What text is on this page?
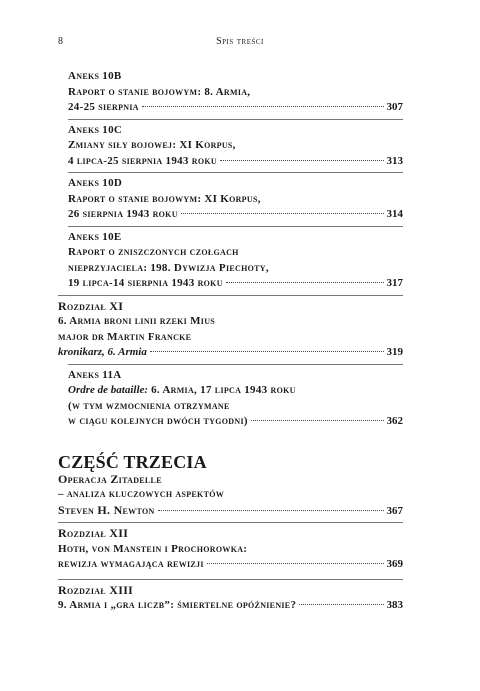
8	Spis treści
Aneks 10B
Raport o stanie bojowym: 8. Armia,
24-25 sierpnia	307
Aneks 10C
Zmiany siły bojowej: XI Korpus,
4 lipca-25 sierpnia 1943 roku	313
Aneks 10D
Raport o stanie bojowym: XI Korpus,
26 sierpnia 1943 roku	314
Aneks 10E
Raport o zniszczonych czołgach
nieprzyjaciela: 198. Dywizja Piechoty,
19 lipca-14 sierpnia 1943 roku	317
Rozdział XI
6. Armia broni linii rzeki Mius
major dr Martin Francke
kronikarz, 6. Armia	319
Aneks 11A
Ordre de bataille: 6. Armia, 17 lipca 1943 roku
(w tym wzmocnienia otrzymane
w ciągu kolejnych dwóch tygodni)	362
CZĘŚĆ TRZECIA
Operacja Zitadelle
– analiza kluczowych aspektów
Steven H. Newton	367
Rozdział XII
Hoth, von Manstein i Prochorowka:
rewizja wymagająca rewizji	369
Rozdział XIII
9. Armia i „gra liczb”: śmiertelne opóźnienie?	383
